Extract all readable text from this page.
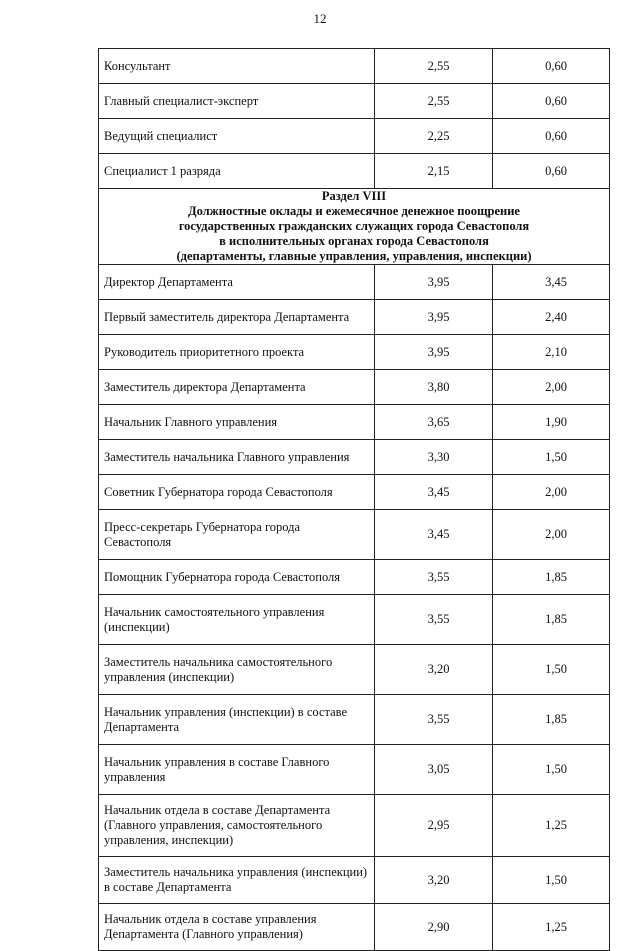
12
Консультант	2,55	0,60
Главный специалист-эксперт	2,55	0,60
Ведущий специалист	2,25	0,60
Специалист 1 разряда	2,15	0,60

Раздел VIII
Должностные оклады и ежемесячное денежное поощрение
государственных гражданских служащих города Севастополя
в исполнительных органах города Севастополя
(департаменты, главные управления, управления, инспекции)		

Директор Департамента	3,95	3,45
Первый заместитель директора Департамента	3,95	2,40
Руководитель приоритетного проекта	3,95	2,10
Заместитель директора Департамента	3,80	2,00
Начальник Главного управления	3,65	1,90
Заместитель начальника Главного управления	3,30	1,50
Советник Губернатора города Севастополя	3,45	2,00
Пресс-секретарь Губернатора города Севастополя	3,45	2,00
Помощник Губернатора города Севастополя	3,55	1,85
Начальник самостоятельного управления (инспекции)	3,55	1,85
Заместитель начальника самостоятельного управления (инспекции)	3,20	1,50
Начальник управления (инспекции) в составе Департамента	3,55	1,85
Начальник управления в составе Главного управления	3,05	1,50
Начальник отдела в составе Департамента (Главного управления, самостоятельного управления, инспекции)	2,95	1,25
Заместитель начальника управления (инспекции) в составе Департамента	3,20	1,50
Начальник отдела в составе управления Департамента (Главного управления)	2,90	1,25
